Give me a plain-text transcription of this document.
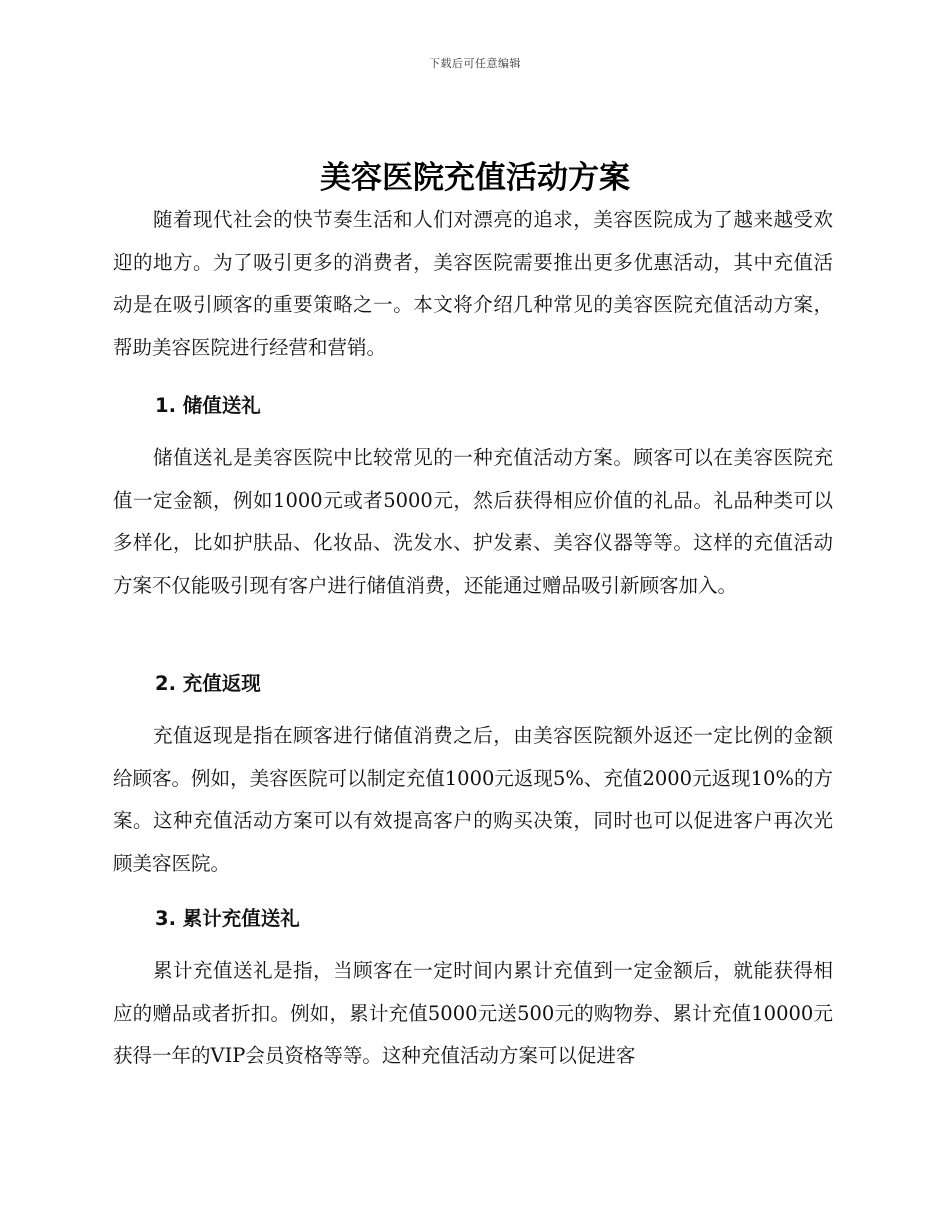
下载后可任意编辑
美容医院充值活动方案

随着现代社会的快节奏生活和人们对漂亮的追求，美容医院成为了越来越受欢迎的地方。为了吸引更多的消费者，美容医院需要推出更多优惠活动，其中充值活动是在吸引顾客的重要策略之一。本文将介绍几种常见的美容医院充值活动方案，帮助美容医院进行经营和营销。

1. 储值送礼

储值送礼是美容医院中比较常见的一种充值活动方案。顾客可以在美容医院充值一定金额，例如1000元或者5000元，然后获得相应价值的礼品。礼品种类可以多样化，比如护肤品、化妆品、洗发水、护发素、美容仪器等等。这样的充值活动方案不仅能吸引现有客户进行储值消费，还能通过赠品吸引新顾客加入。

2. 充值返现

充值返现是指在顾客进行储值消费之后，由美容医院额外返还一定比例的金额给顾客。例如，美容医院可以制定充值1000元返现5%、充值2000元返现10%的方案。这种充值活动方案可以有效提高客户的购买决策，同时也可以促进客户再次光顾美容医院。

3. 累计充值送礼

累计充值送礼是指，当顾客在一定时间内累计充值到一定金额后，就能获得相应的赠品或者折扣。例如，累计充值5000元送500元的购物券、累计充值10000元获得一年的VIP会员资格等等。这种充值活动方案可以促进客
